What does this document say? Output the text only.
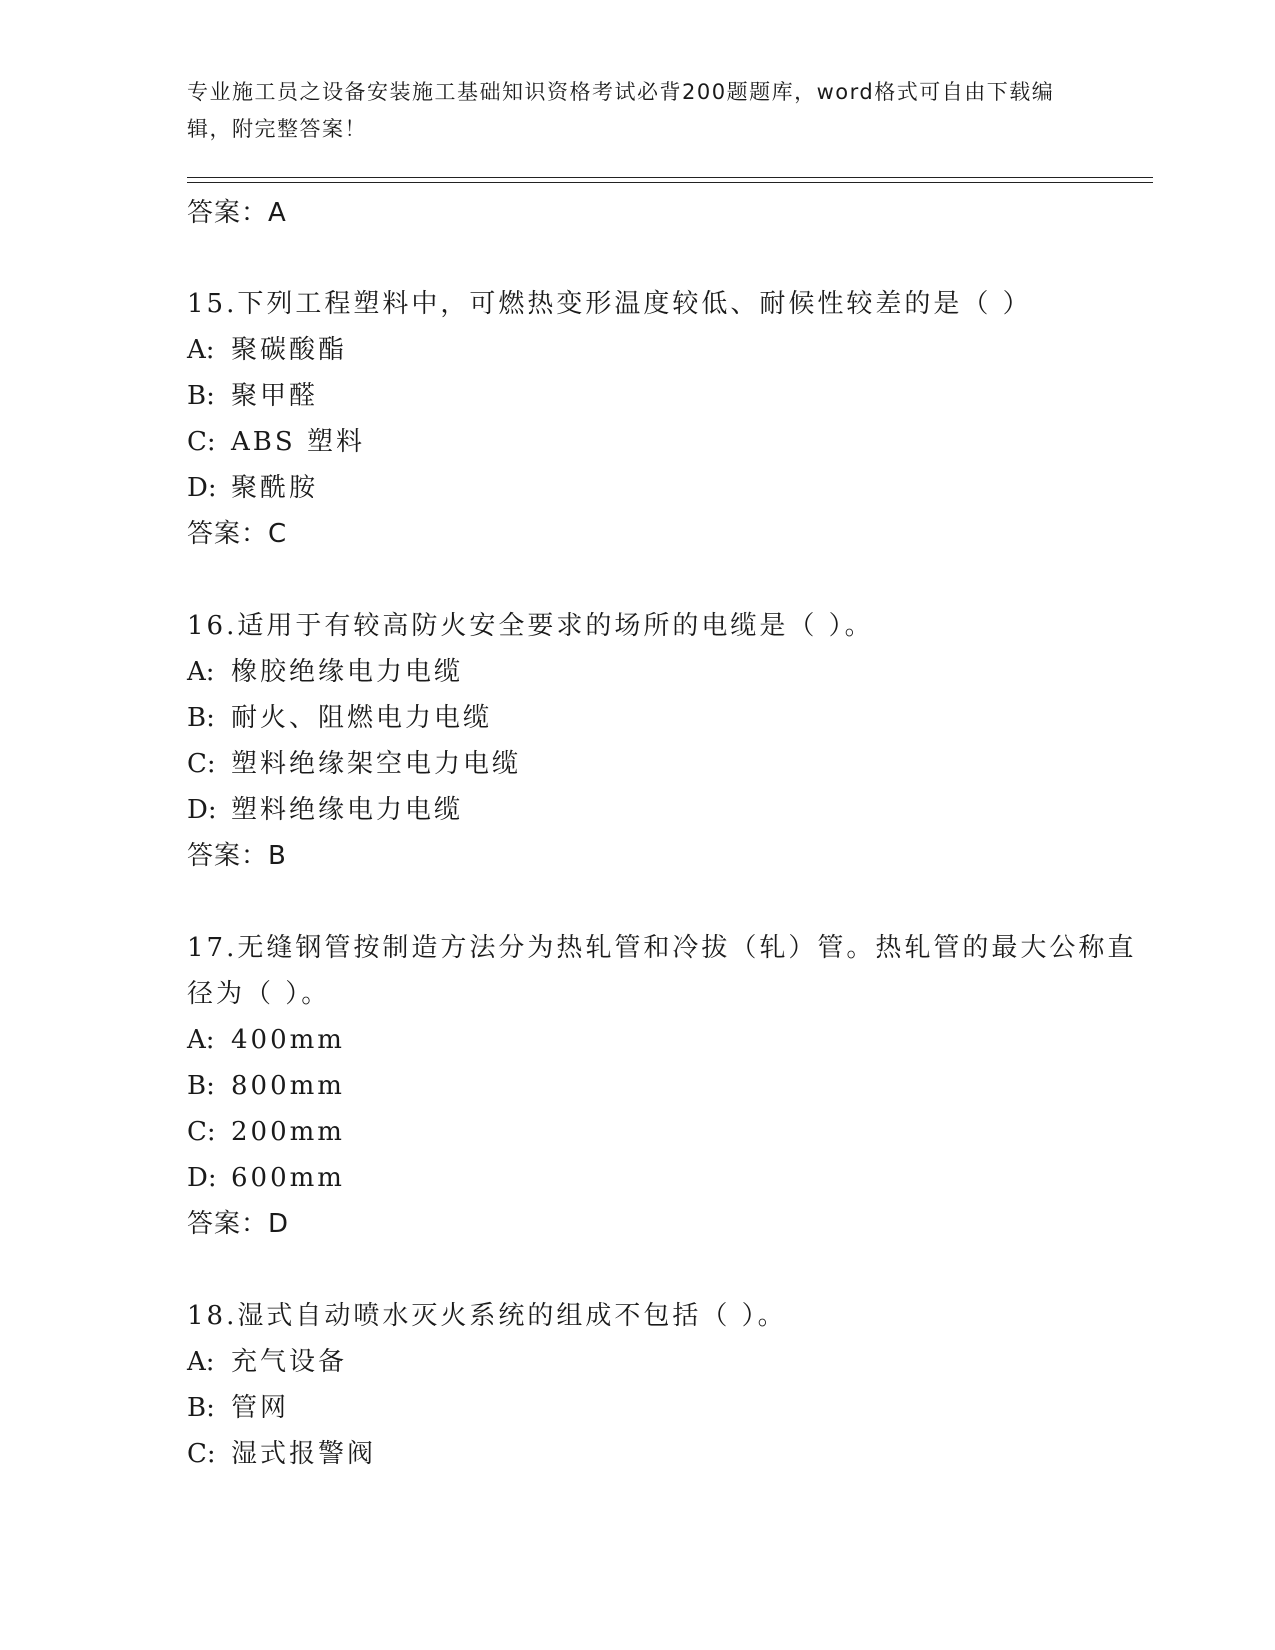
专业施工员之设备安装施工基础知识资格考试必背200题题库，word格式可自由下载编辑，附完整答案！
答案：A
15.下列工程塑料中，可燃热变形温度较低、耐候性较差的是（ ）
A: 聚碳酸酯
B: 聚甲醛
C: ABS 塑料
D: 聚酰胺
答案：C
16.适用于有较高防火安全要求的场所的电缆是（ ）。
A: 橡胶绝缘电力电缆
B: 耐火、阻燃电力电缆
C: 塑料绝缘架空电力电缆
D: 塑料绝缘电力电缆
答案：B
17.无缝钢管按制造方法分为热轧管和冷拔（轧）管。热轧管的最大公称直径为（ ）。
A: 400mm
B: 800mm
C: 200mm
D: 600mm
答案：D
18.湿式自动喷水灭火系统的组成不包括（ ）。
A: 充气设备
B: 管网
C: 湿式报警阀
